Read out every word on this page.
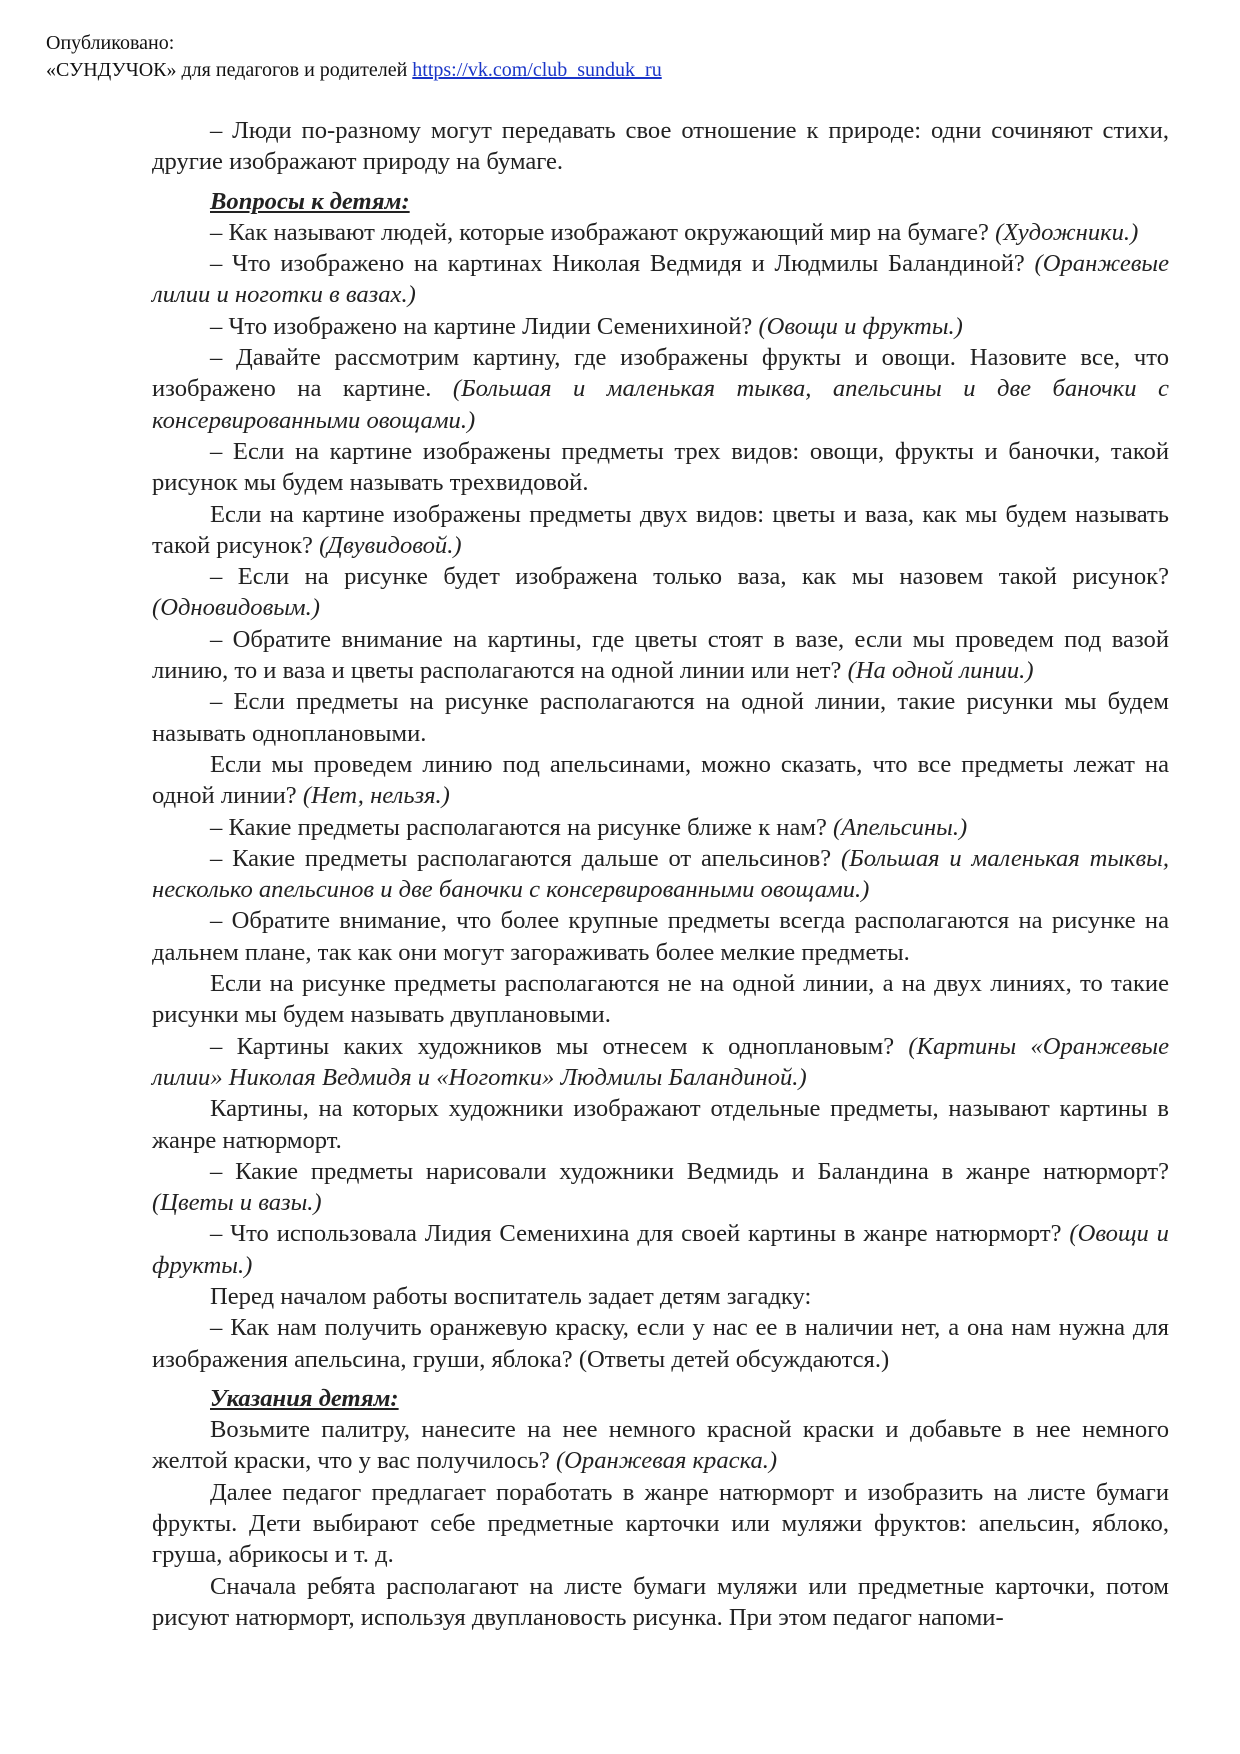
Опубликовано:
«СУНДУЧОК» для педагогов и родителей https://vk.com/club_sunduk_ru

– Люди по-разному могут передавать свое отношение к природе: одни сочиняют стихи, другие изображают природу на бумаге.

Вопросы к детям:

– Как называют людей, которые изображают окружающий мир на бумаге? (Художники.)

– Что изображено на картинах Николая Ведмидя и Людмилы Баландиной? (Оранжевые лилии и ноготки в вазах.)

– Что изображено на картине Лидии Семенихиной? (Овощи и фрукты.)

– Давайте рассмотрим картину, где изображены фрукты и овощи. Назовите все, что изображено на картине. (Большая и маленькая тыква, апельсины и две баночки с консервированными овощами.)

– Если на картине изображены предметы трех видов: овощи, фрукты и баночки, такой рисунок мы будем называть трехвидовой.

Если на картине изображены предметы двух видов: цветы и ваза, как мы будем называть такой рисунок? (Двувидовой.)

– Если на рисунке будет изображена только ваза, как мы назовем такой рисунок? (Одновидовым.)

– Обратите внимание на картины, где цветы стоят в вазе, если мы проведем под вазой линию, то и ваза и цветы располагаются на одной линии или нет? (На одной линии.)

– Если предметы на рисунке располагаются на одной линии, такие рисунки мы будем называть одноплановыми.

Если мы проведем линию под апельсинами, можно сказать, что все предметы лежат на одной линии? (Нет, нельзя.)

– Какие предметы располагаются на рисунке ближе к нам? (Апельсины.)

– Какие предметы располагаются дальше от апельсинов? (Большая и маленькая тыквы, несколько апельсинов и две баночки с консервированными овощами.)

– Обратите внимание, что более крупные предметы всегда располагаются на рисунке на дальнем плане, так как они могут загораживать более мелкие предметы.

Если на рисунке предметы располагаются не на одной линии, а на двух линиях, то такие рисунки мы будем называть двуплановыми.

– Картины каких художников мы отнесем к одноплановым? (Картины «Оранжевые лилии» Николая Ведмидя и «Ноготки» Людмилы Баландиной.)

Картины, на которых художники изображают отдельные предметы, называют картины в жанре натюрморт.

– Какие предметы нарисовали художники Ведмидь и Баландина в жанре натюрморт? (Цветы и вазы.)

– Что использовала Лидия Семенихина для своей картины в жанре натюрморт? (Овощи и фрукты.)

Перед началом работы воспитатель задает детям загадку:

– Как нам получить оранжевую краску, если у нас ее в наличии нет, а она нам нужна для изображения апельсина, груши, яблока? (Ответы детей обсуждаются.)

Указания детям:

Возьмите палитру, нанесите на нее немного красной краски и добавьте в нее немного желтой краски, что у вас получилось? (Оранжевая краска.)

Далее педагог предлагает поработать в жанре натюрморт и изобразить на листе бумаги фрукты. Дети выбирают себе предметные карточки или муляжи фруктов: апельсин, яблоко, груша, абрикосы и т. д.

Сначала ребята располагают на листе бумаги муляжи или предметные карточки, потом рисуют натюрморт, используя двуплановость рисунка. При этом педагог напоми-
